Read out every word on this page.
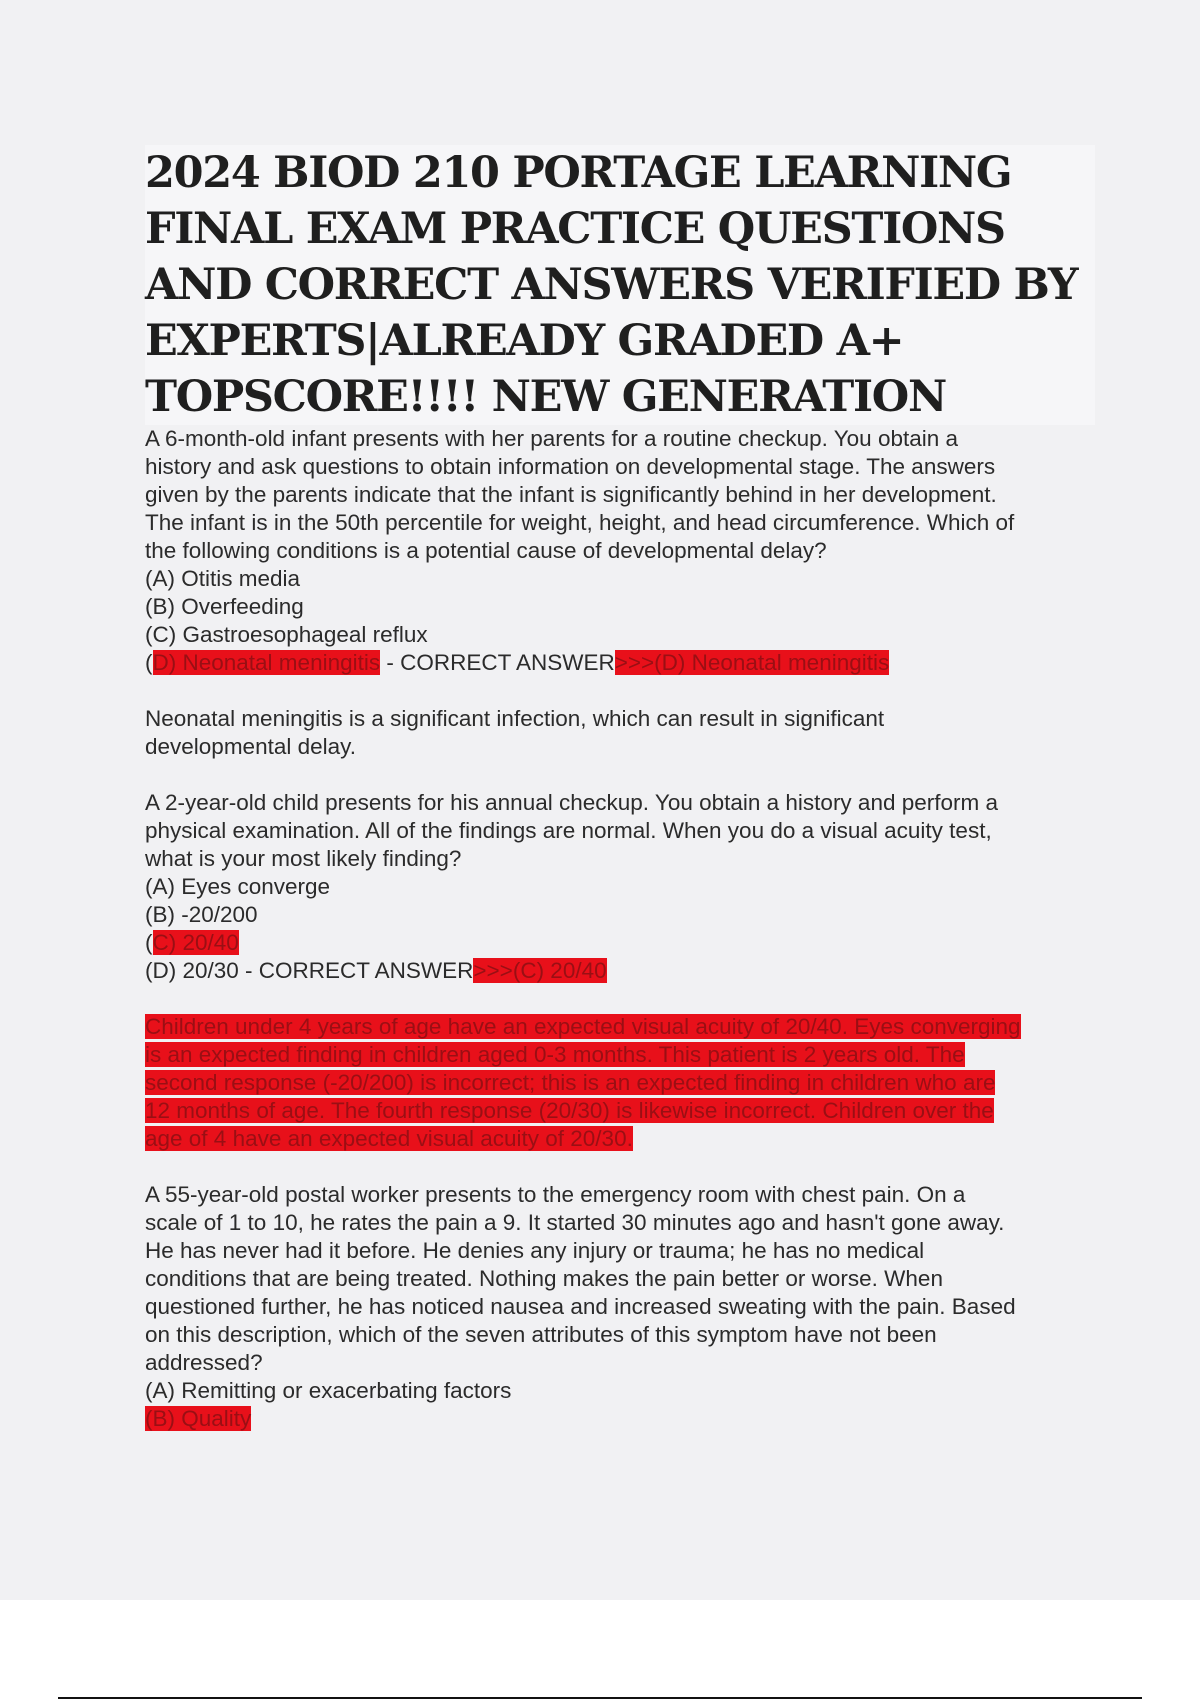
2024 BIOD 210 PORTAGE LEARNING FINAL EXAM PRACTICE QUESTIONS AND CORRECT ANSWERS VERIFIED BY EXPERTS|ALREADY GRADED A+ TOPSCORE!!!! NEW GENERATION
A 6-month-old infant presents with her parents for a routine checkup. You obtain a
history and ask questions to obtain information on developmental stage. The answers
given by the parents indicate that the infant is significantly behind in her development.
The infant is in the 50th percentile for weight, height, and head circumference. Which of
the following conditions is a potential cause of developmental delay?
(A) Otitis media
(B) Overfeeding
(C) Gastroesophageal reflux
(D) Neonatal meningitis - CORRECT ANSWER>>>(D) Neonatal meningitis
Neonatal meningitis is a significant infection, which can result in significant
developmental delay.
A 2-year-old child presents for his annual checkup. You obtain a history and perform a
physical examination. All of the findings are normal. When you do a visual acuity test,
what is your most likely finding?
(A) Eyes converge
(B) -20/200
(C) 20/40
(D) 20/30 - CORRECT ANSWER>>>(C) 20/40
Children under 4 years of age have an expected visual acuity of 20/40. Eyes converging
is an expected finding in children aged 0-3 months. This patient is 2 years old. The
second response (-20/200) is incorrect; this is an expected finding in children who are
12 months of age. The fourth response (20/30) is likewise incorrect. Children over the
age of 4 have an expected visual acuity of 20/30.
A 55-year-old postal worker presents to the emergency room with chest pain. On a
scale of 1 to 10, he rates the pain a 9. It started 30 minutes ago and hasn't gone away.
He has never had it before. He denies any injury or trauma; he has no medical
conditions that are being treated. Nothing makes the pain better or worse. When
questioned further, he has noticed nausea and increased sweating with the pain. Based
on this description, which of the seven attributes of this symptom have not been
addressed?
(A) Remitting or exacerbating factors
(B) Quality
